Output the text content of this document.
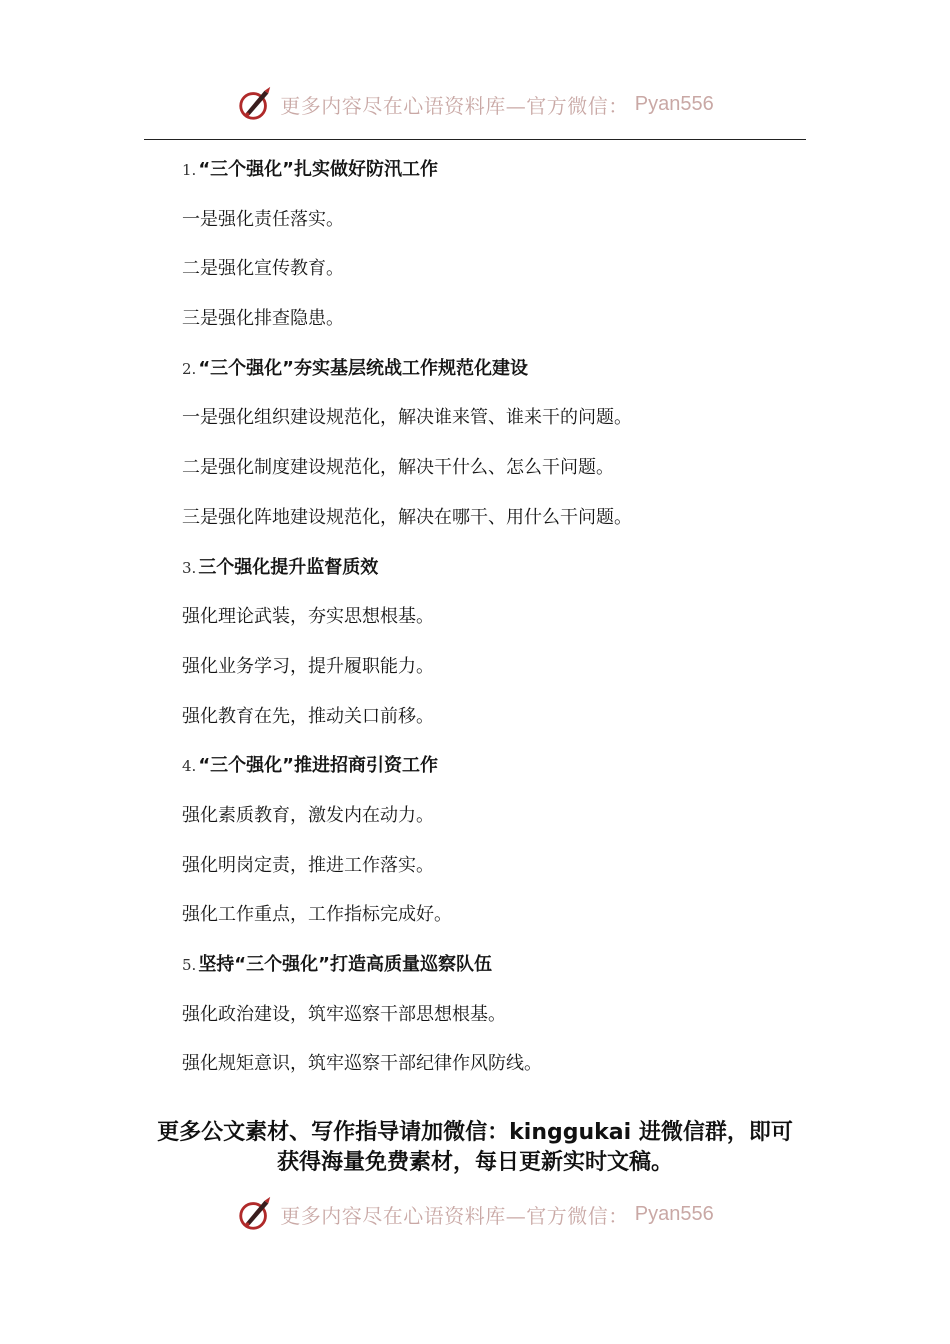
更多内容尽在心语资料库—官方微信： Pyan556
1. “三个强化”扎实做好防汛工作
一是强化责任落实。
二是强化宣传教育。
三是强化排查隐患。
2. “三个强化”夯实基层统战工作规范化建设
一是强化组织建设规范化，解决谁来管、谁来干的问题。
二是强化制度建设规范化，解决干什么、怎么干问题。
三是强化阵地建设规范化，解决在哪干、用什么干问题。
3. 三个强化提升监督质效
强化理论武装，夯实思想根基。
强化业务学习，提升履职能力。
强化教育在先，推动关口前移。
4. “三个强化”推进招商引资工作
强化素质教育，激发内在动力。
强化明岗定责，推进工作落实。
强化工作重点，工作指标完成好。
5. 坚持“三个强化”打造高质量巡察队伍
强化政治建设，筑牢巡察干部思想根基。
强化规矩意识，筑牢巡察干部纪律作风防线。
更多公文素材、写作指导请加微信：kinggukai 进微信群，即可
获得海量免费素材，每日更新实时文稿。
更多内容尽在心语资料库—官方微信： Pyan556
